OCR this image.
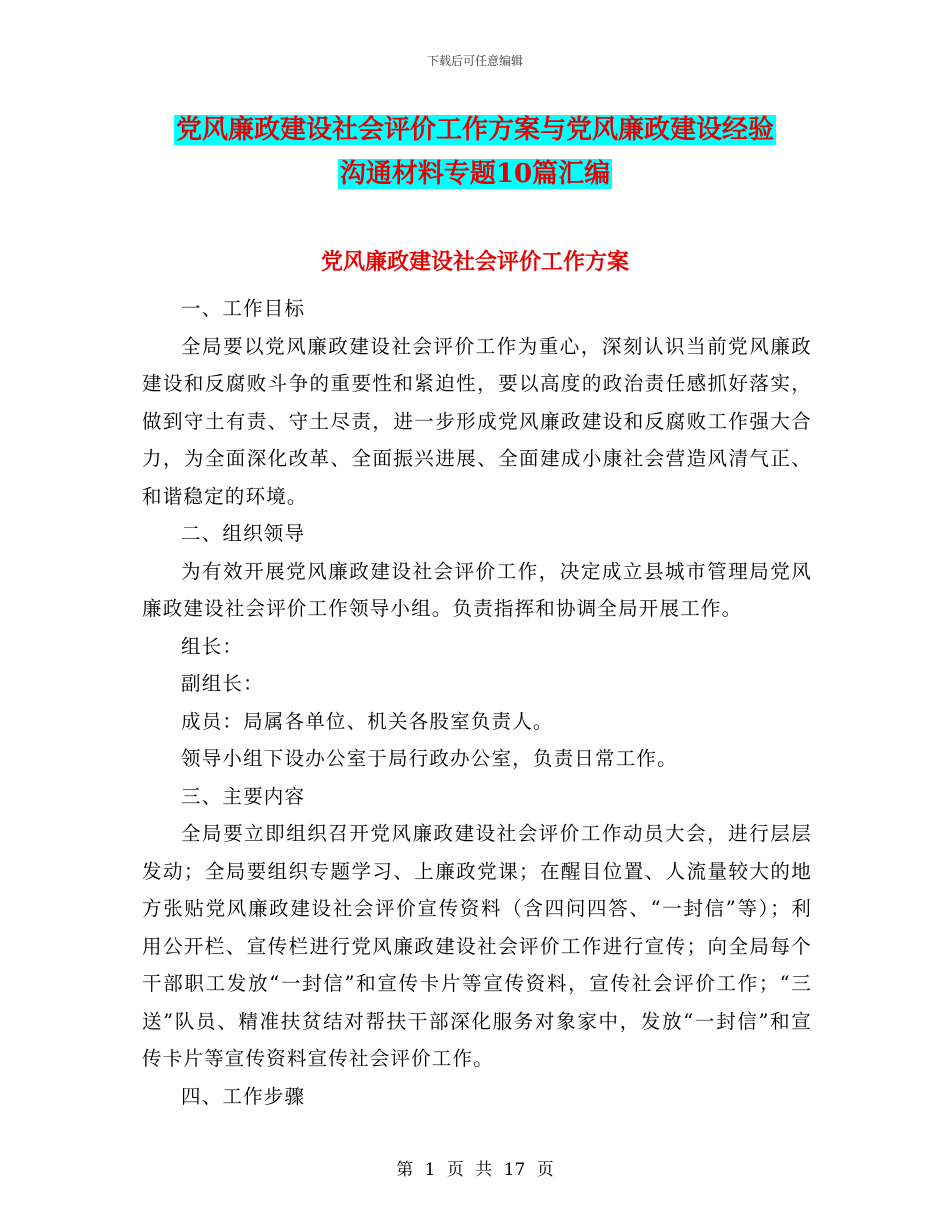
下载后可任意编辑
党风廉政建设社会评价工作方案与党风廉政建设经验
沟通材料专题10篇汇编
党风廉政建设社会评价工作方案

一、工作目标

全局要以党风廉政建设社会评价工作为重心，深刻认识当前党风廉政建设和反腐败斗争的重要性和紧迫性，要以高度的政治责任感抓好落实，做到守土有责、守土尽责，进一步形成党风廉政建设和反腐败工作强大合力，为全面深化改革、全面振兴进展、全面建成小康社会营造风清气正、和谐稳定的环境。

二、组织领导

为有效开展党风廉政建设社会评价工作，决定成立县城市管理局党风廉政建设社会评价工作领导小组。负责指挥和协调全局开展工作。

组长：

副组长：

成员：局属各单位、机关各股室负责人。

领导小组下设办公室于局行政办公室，负责日常工作。

三、主要内容

全局要立即组织召开党风廉政建设社会评价工作动员大会，进行层层发动；全局要组织专题学习、上廉政党课；在醒目位置、人流量较大的地方张贴党风廉政建设社会评价宣传资料（含四问四答、“一封信”等）；利用公开栏、宣传栏进行党风廉政建设社会评价工作进行宣传；向全局每个干部职工发放“一封信”和宣传卡片等宣传资料，宣传社会评价工作；“三送”队员、精准扶贫结对帮扶干部深化服务对象家中，发放“一封信”和宣传卡片等宣传资料宣传社会评价工作。

四、工作步骤

第 1 页 共 17 页
